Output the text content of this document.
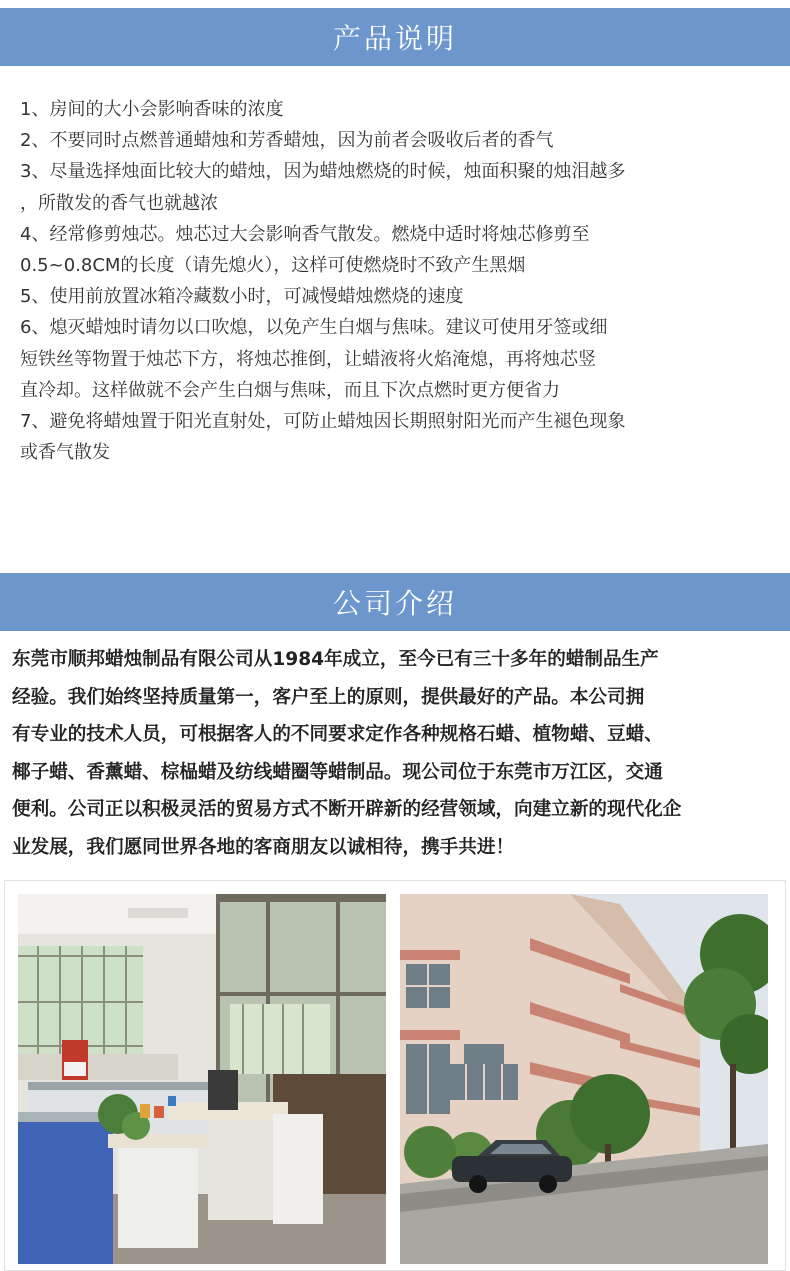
产品说明
1、房间的大小会影响香味的浓度
2、不要同时点燃普通蜡烛和芳香蜡烛，因为前者会吸收后者的香气
3、尽量选择烛面比较大的蜡烛，因为蜡烛燃烧的时候，烛面积聚的烛泪越多
，所散发的香气也就越浓
4、经常修剪烛芯。烛芯过大会影响香气散发。燃烧中适时将烛芯修剪至
0.5~0.8CM的长度（请先熄火），这样可使燃烧时不致产生黑烟
5、使用前放置冰箱冷藏数小时，可减慢蜡烛燃烧的速度
6、熄灭蜡烛时请勿以口吹熄，以免产生白烟与焦味。建议可使用牙签或细
短铁丝等物置于烛芯下方，将烛芯推倒，让蜡液将火焰淹熄，再将烛芯竖
直冷却。这样做就不会产生白烟与焦味，而且下次点燃时更方便省力
7、避免将蜡烛置于阳光直射处，可防止蜡烛因长期照射阳光而产生褪色现象
或香气散发
公司介绍
东莞市顺邦蜡烛制品有限公司从1984年成立，至今已有三十多年的蜡制品生产
经验。我们始终坚持质量第一，客户至上的原则，提供最好的产品。本公司拥
有专业的技术人员，可根据客人的不同要求定作各种规格石蜡、植物蜡、豆蜡、
椰子蜡、香薰蜡、棕榀蜡及纺线蜡圈等蜡制品。现公司位于东莞市万江区，交通
便利。公司正以积极灵活的贸易方式不断开辟新的经营领域，向建立新的现代化企
业发展，我们愿同世界各地的客商朋友以诚相待，携手共进！
